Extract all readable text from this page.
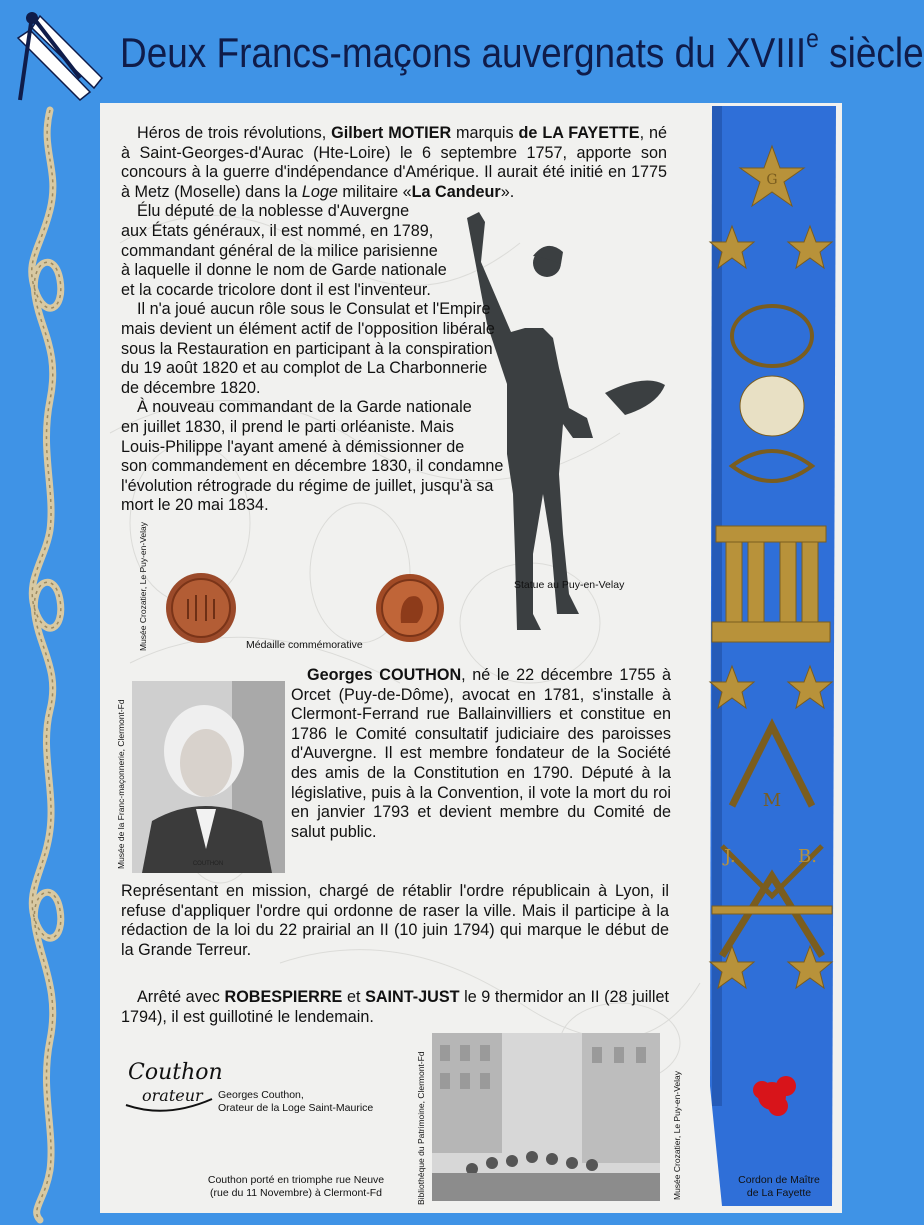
Deux Francs-maçons auvergnats du XVIIIe siècle
Statue au Puy-en-Velay
Musée Crozatier, Le Puy-en-Velay
Médaille commémorative
Musée de la Franc-maçonnerie, Clermont-Fd	COUTHON
Couthon
orateur Georges Couthon,
Orateur de la Loge Saint-Maurice	Bibliothèque du Patrimoine, Clermont-Fd
Couthon porté en triomphe rue Neuve
(rue du 11 Novembre) à Clermont-Fd
G
M
J.	B.
Musée Crozatier, Le Puy-en-Velay	Cordon de Maître
de La Fayette

Héros de trois révolutions, Gilbert MOTIER marquis de LA FAYETTE, né à Saint-Georges-d'Aurac (Hte-Loire) le 6 septembre 1757, apporte son concours à la guerre d'indépendance d'Amérique. Il aurait été initié en 1775 à Metz (Moselle) dans la Loge militaire «La Candeur».

Élu député de la noblesse d'Auvergne
aux États généraux, il est nommé, en 1789,
commandant général de la milice parisienne
à laquelle il donne le nom de Garde nationale
et la cocarde tricolore dont il est l'inventeur.
Il n'a joué aucun rôle sous le Consulat et l'Empire
mais devient un élément actif de l'opposition libérale
sous la Restauration en participant à la conspiration
du 19 août 1820 et au complot de La Charbonnerie
de décembre 1820.
À nouveau commandant de la Garde nationale
en juillet 1830, il prend le parti orléaniste. Mais
Louis-Philippe l'ayant amené à démissionner de
son commandement en décembre 1830, il condamne
l'évolution rétrograde du régime de juillet, jusqu'à sa
mort le 20 mai 1834.
Georges COUTHON, né le 22 décembre 1755 à Orcet (Puy-de-Dôme), avocat en 1781, s'installe à Clermont-Ferrand rue Ballainvilliers et constitue en 1786 le Comité consultatif judiciaire des paroisses d'Auvergne. Il est membre fondateur de la Société des amis de la Constitution en 1790. Député à la législative, puis à la Convention, il vote la mort du roi en janvier 1793 et devient membre du Comité de salut public.
Représentant en mission, chargé de rétablir l'ordre républicain à Lyon, il refuse d'appliquer l'ordre qui ordonne de raser la ville. Mais il participe à la rédaction de la loi du 22 prairial an II (10 juin 1794) qui marque le début de la Grande Terreur.

Arrêté avec ROBESPIERRE et SAINT-JUST le 9 thermidor an II (28 juillet 1794), il est guillotiné le lendemain.
